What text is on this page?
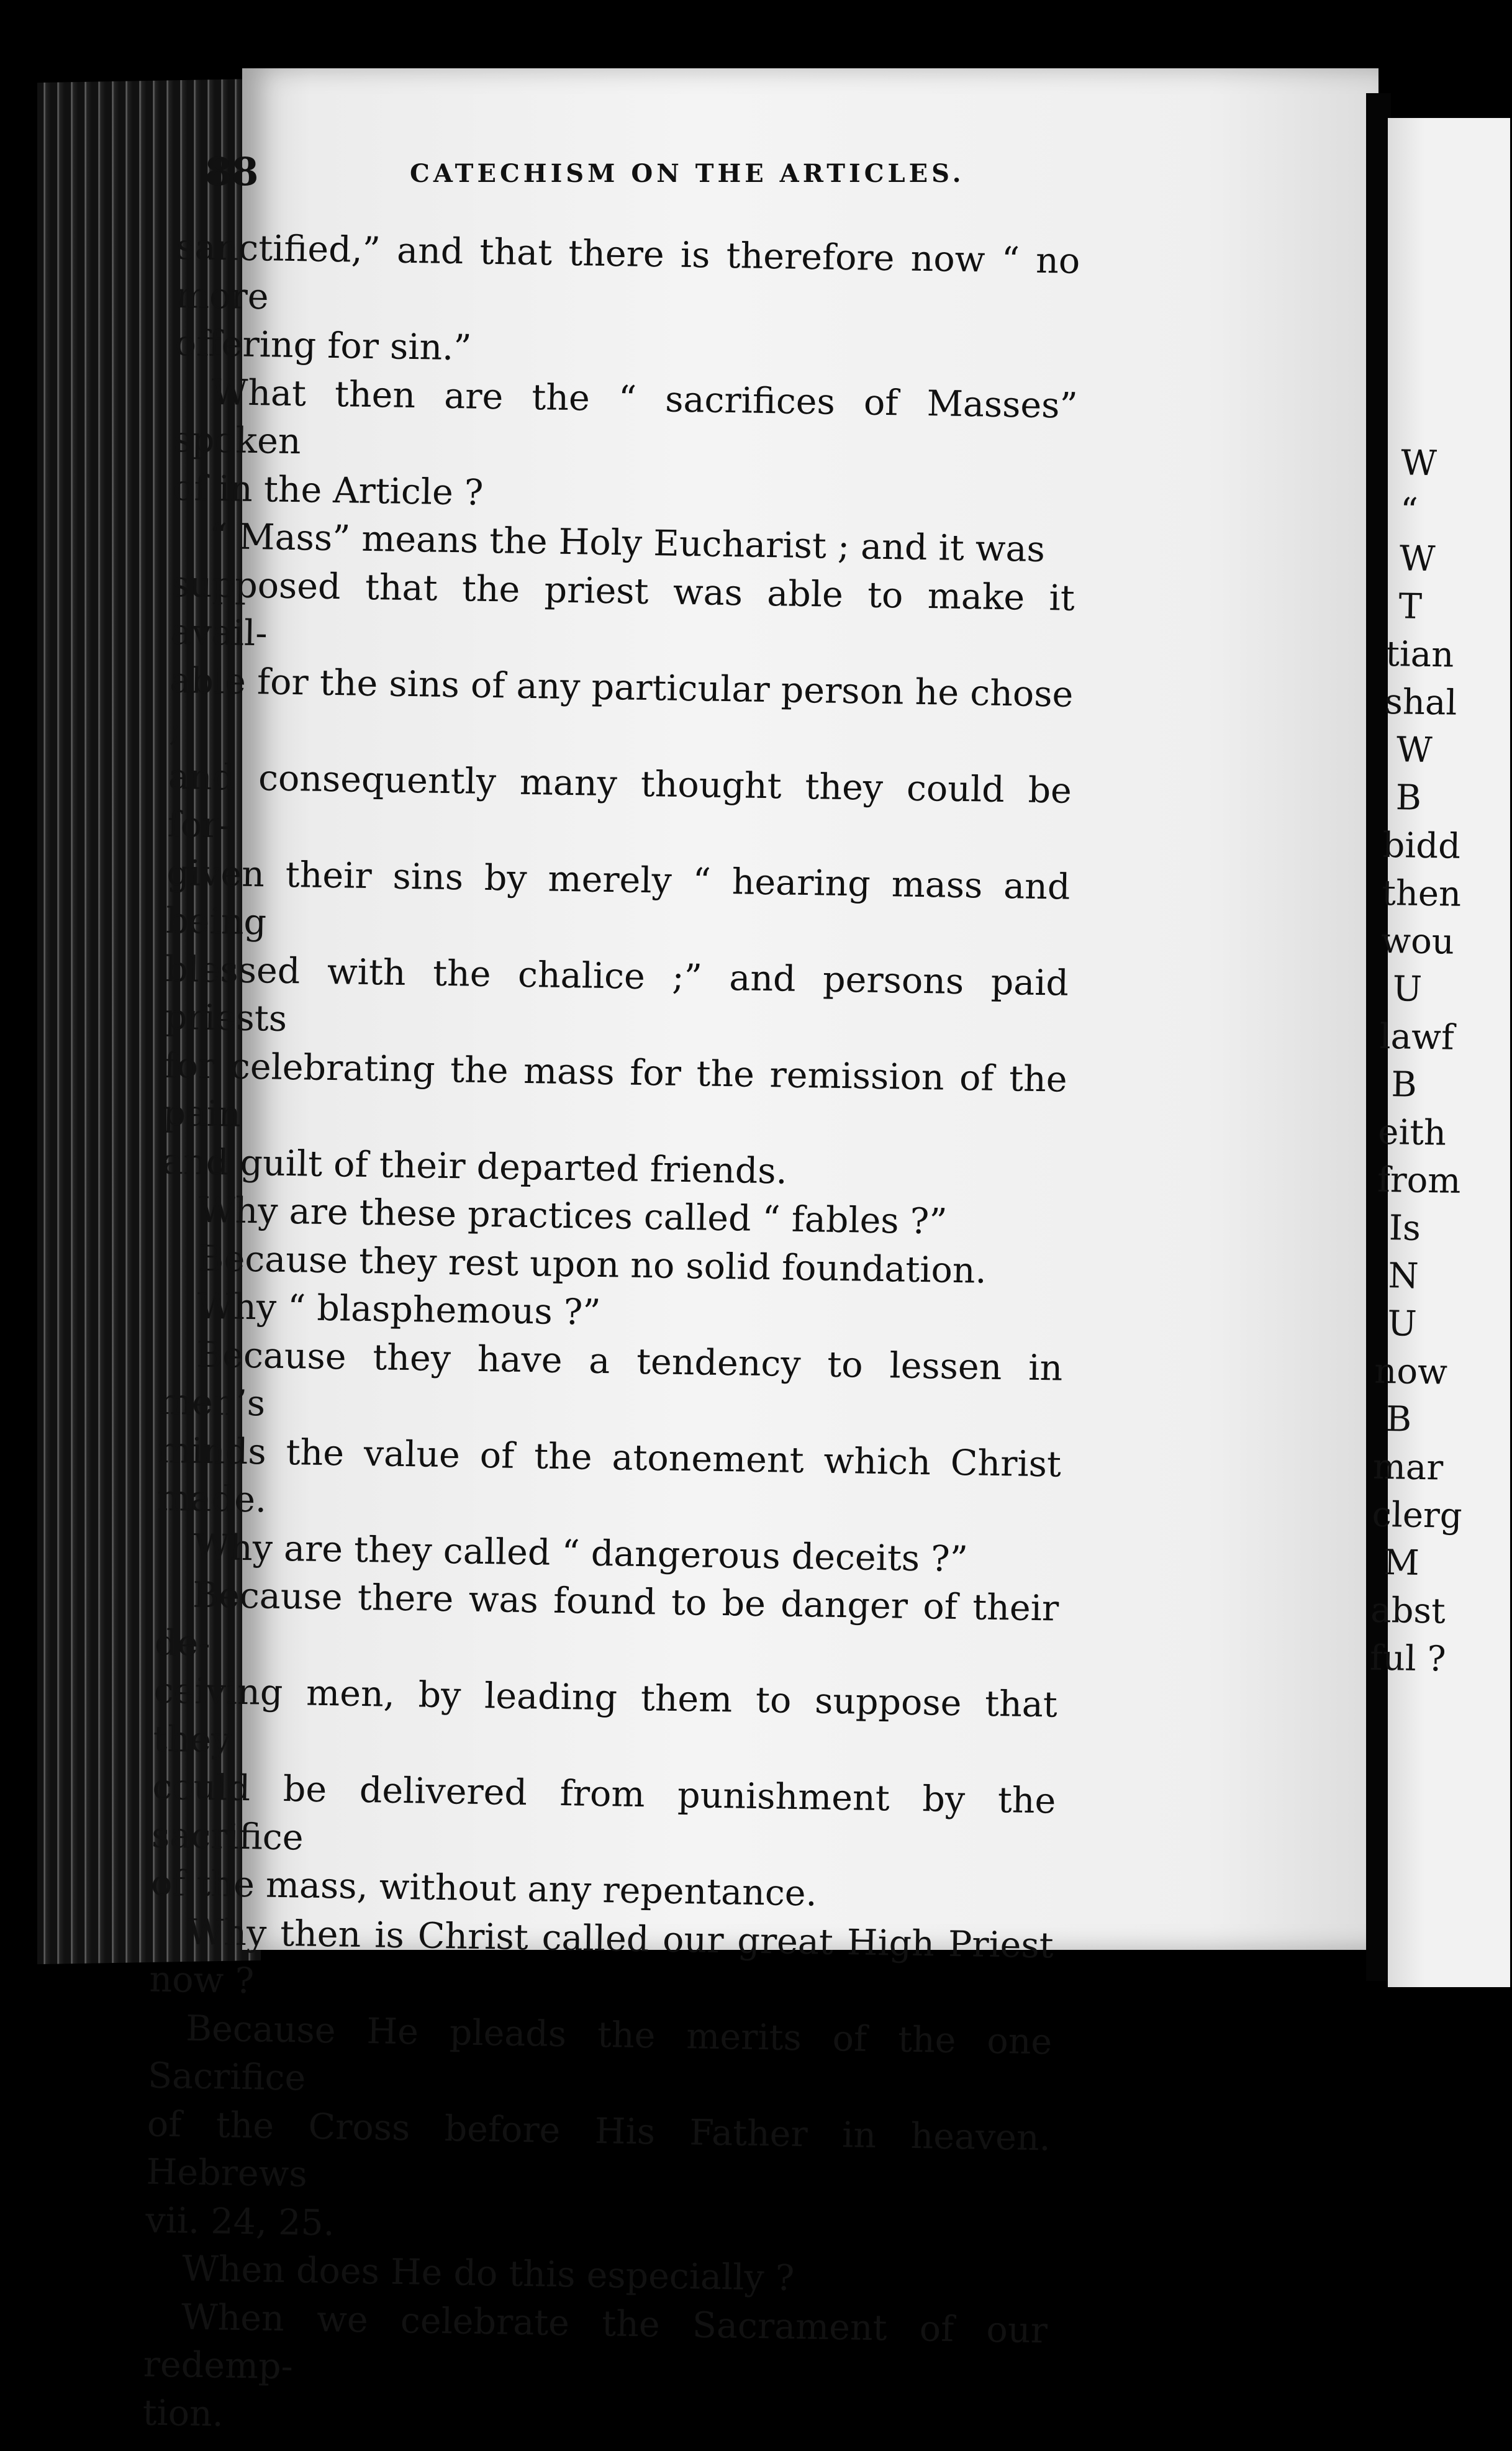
W
“
W
T
tian
shal
W
B
bidd
then
wou
U
lawf
B
eith
from
Is
N
U
now
B
mar
clerg
M
abst
ful ?
88	CATECHISM ON THE ARTICLES.

sanctified,” and that there is therefore now “ no more

offering for sin.”

What then are the “ sacrifices of Masses” spoken

of in the Article ?

“ Mass” means the Holy Eucharist ; and it was

supposed that the priest was able to make it avail-

able for the sins of any particular person he chose ;

and consequently many thought they could be for-

given their sins by merely “ hearing mass and being

blessed with the chalice ;” and persons paid priests

for celebrating the mass for the remission of the pain

and guilt of their departed friends.

Why are these practices called “ fables ?”

Because they rest upon no solid foundation.

Why “ blasphemous ?”

Because they have a tendency to lessen in men’s

minds the value of the atonement which Christ made.

Why are they called “ dangerous deceits ?”

Because there was found to be danger of their de-

ceiving men, by leading them to suppose that they

could be delivered from punishment by the sacrifice

of the mass, without any repentance.

Why then is Christ called our great High Priest now ?

Because He pleads the merits of the one Sacrifice

of the Cross before His Father in heaven. Hebrews

vii. 24, 25.

When does He do this especially ?

When we celebrate the Sacrament of our redemp-

tion.
